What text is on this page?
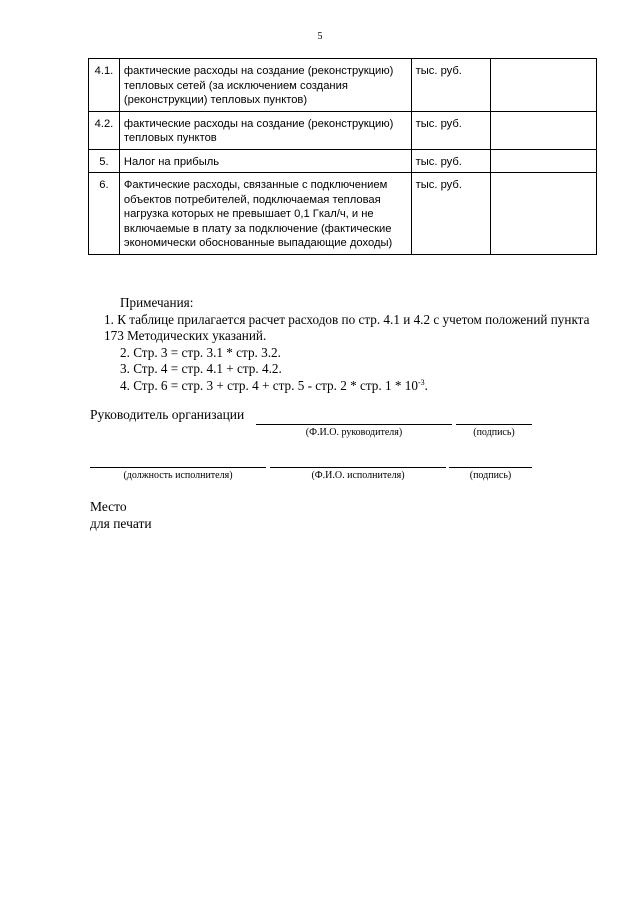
5
4.1.	фактические расходы на создание (реконструкцию) тепловых сетей (за исключением создания (реконструкции) тепловых пунктов)	тыс. руб.	
4.2.	фактические расходы на создание (реконструкцию) тепловых пунктов	тыс. руб.	
5.	Налог на прибыль	тыс. руб.	
6.	Фактические расходы, связанные с подключением объектов потребителей, подключаемая тепловая нагрузка которых не превышает 0,1 Гкал/ч, и не включаемые в плату за подключение (фактические экономически обоснованные выпадающие доходы)	тыс. руб.	
Примечания:
1. К таблице прилагается расчет расходов по стр. 4.1 и 4.2 с учетом положений пункта 173 Методических указаний.
2. Стр. 3 = стр. 3.1 * стр. 3.2.
3. Стр. 4 = стр. 4.1 + стр. 4.2.
4. Стр. 6 = стр. 3 + стр. 4 + стр. 5 - стр. 2 * стр. $1 * 10^{-3}$.
Руководитель организации
(Ф.И.О. руководителя)	(подпись)
(должность исполнителя)	(Ф.И.О. исполнителя)	(подпись)
Место
для печати
